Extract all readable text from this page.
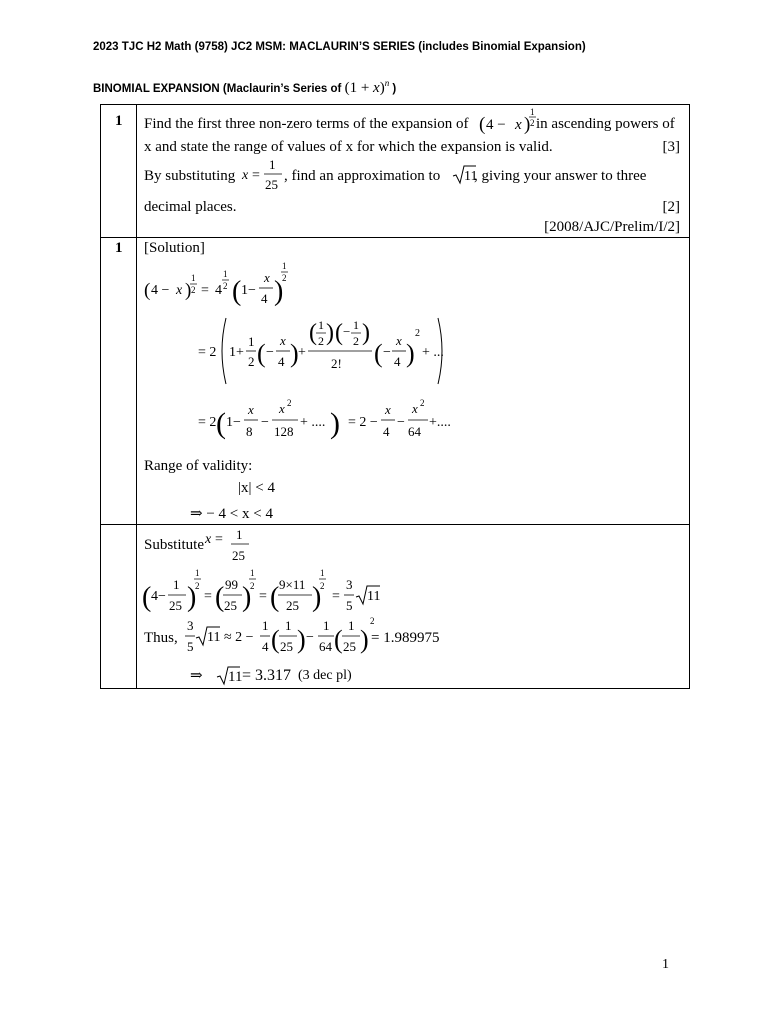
2023 TJC H2 Math (9758) JC2 MSM: MACLAURIN’S SERIES (includes Binomial Expansion)
BINOMIAL EXPANSION (Maclaurin’s Series of $(1 + x)^n$ )
1 Find the first three non-zero terms of the expansion of ( 4 − x )
1
2 in ascending powers of
x and state the range of values of x for which the expansion is valid.	[3]
By substituting x =
1
25
, find an approximation to 11
, giving your answer to three
decimal places.	[2]
[2008/AJC/Prelim/I/2]
1 [Solution]
( 4 − x )
1
2 = 4
1
2 ( 1−
x
4 )
1
2
= 2 1+
1
2 ( −
x
4 ) +
( 1
2 ) ( − 1
2 )
2! ( −
x
4 )
2
+ ...
= 2 ( 1−
x
8
−
x 2
128
+ .... ) = 2 −
x
4
−
x 2
64
+....
Range of validity:
|x| < 4
⇒ − 4 < x < 4
Substitute x = 1
25
( 4−
1
25 )
1
2
= ( 99
25 )
1
2
= ( 9×11
25 )
1
2
=
3
5
11
Thus,
3
5
11 ≈ 2 −
1
4 ( 1
25 ) −
1
64 ( 1
25 )
2
= 1.989975
⇒ 11 = 3.317 (3 dec pl)
1
